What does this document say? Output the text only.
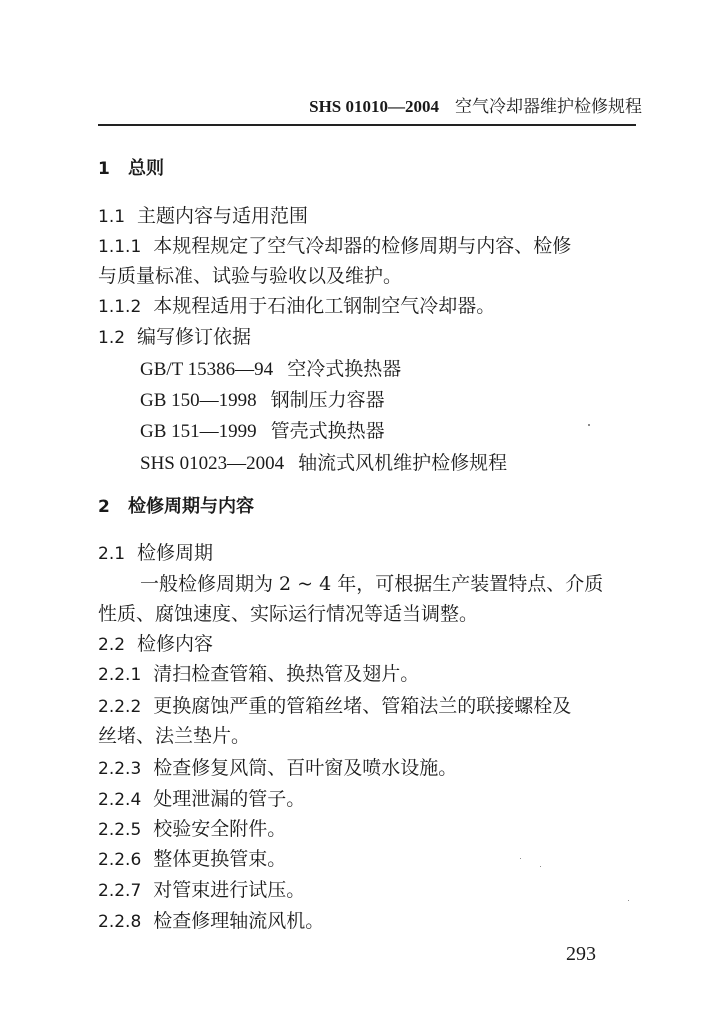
SHS 01010—2004 空气冷却器维护检修规程
1 总则
1.1 主题内容与适用范围
1.1.1 本规程规定了空气冷却器的检修周期与内容、检修
与质量标准、试验与验收以及维护。
1.1.2 本规程适用于石油化工钢制空气冷却器。
1.2 编写修订依据
GB/T 15386—94 空冷式换热器
GB 150—1998 钢制压力容器
GB 151—1999 管壳式换热器
SHS 01023—2004 轴流式风机维护检修规程
2 检修周期与内容
2.1 检修周期
一般检修周期为 2 ~ 4 年，可根据生产装置特点、介质
性质、腐蚀速度、实际运行情况等适当调整。
2.2 检修内容
2.2.1 清扫检查管箱、换热管及翅片。
2.2.2 更换腐蚀严重的管箱丝堵、管箱法兰的联接螺栓及
丝堵、法兰垫片。
2.2.3 检查修复风筒、百叶窗及喷水设施。
2.2.4 处理泄漏的管子。
2.2.5 校验安全附件。
2.2.6 整体更换管束。
2.2.7 对管束进行试压。
2.2.8 检查修理轴流风机。
293
